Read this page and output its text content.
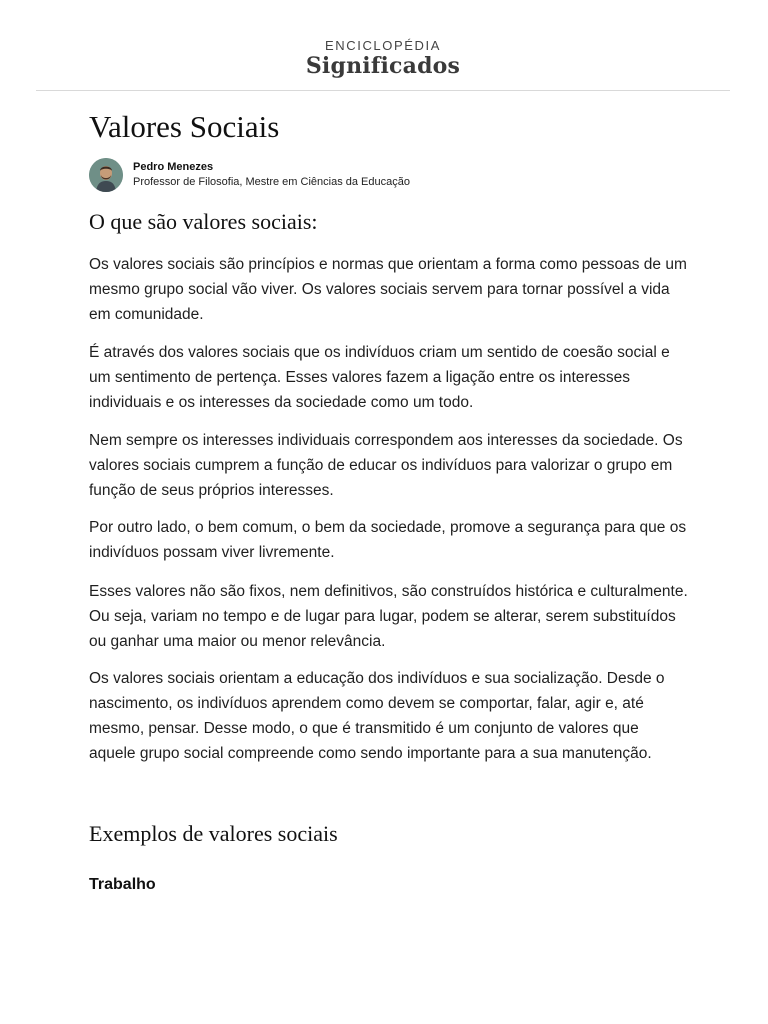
ENCICLOPÉDIA
Significados
Valores Sociais
Pedro Menezes
Professor de Filosofia, Mestre em Ciências da Educação
O que são valores sociais:

Os valores sociais são princípios e normas que orientam a forma como pessoas de um mesmo grupo social vão viver. Os valores sociais servem para tornar possível a vida em comunidade.

É através dos valores sociais que os indivíduos criam um sentido de coesão social e um sentimento de pertença. Esses valores fazem a ligação entre os interesses individuais e os interesses da sociedade como um todo.

Nem sempre os interesses individuais correspondem aos interesses da sociedade. Os valores sociais cumprem a função de educar os indivíduos para valorizar o grupo em função de seus próprios interesses.

Por outro lado, o bem comum, o bem da sociedade, promove a segurança para que os indivíduos possam viver livremente.

Esses valores não são fixos, nem definitivos, são construídos histórica e culturalmente. Ou seja, variam no tempo e de lugar para lugar, podem se alterar, serem substituídos ou ganhar uma maior ou menor relevância.

Os valores sociais orientam a educação dos indivíduos e sua socialização. Desde o nascimento, os indivíduos aprendem como devem se comportar, falar, agir e, até mesmo, pensar. Desse modo, o que é transmitido é um conjunto de valores que aquele grupo social compreende como sendo importante para a sua manutenção.

Exemplos de valores sociais
Trabalho
